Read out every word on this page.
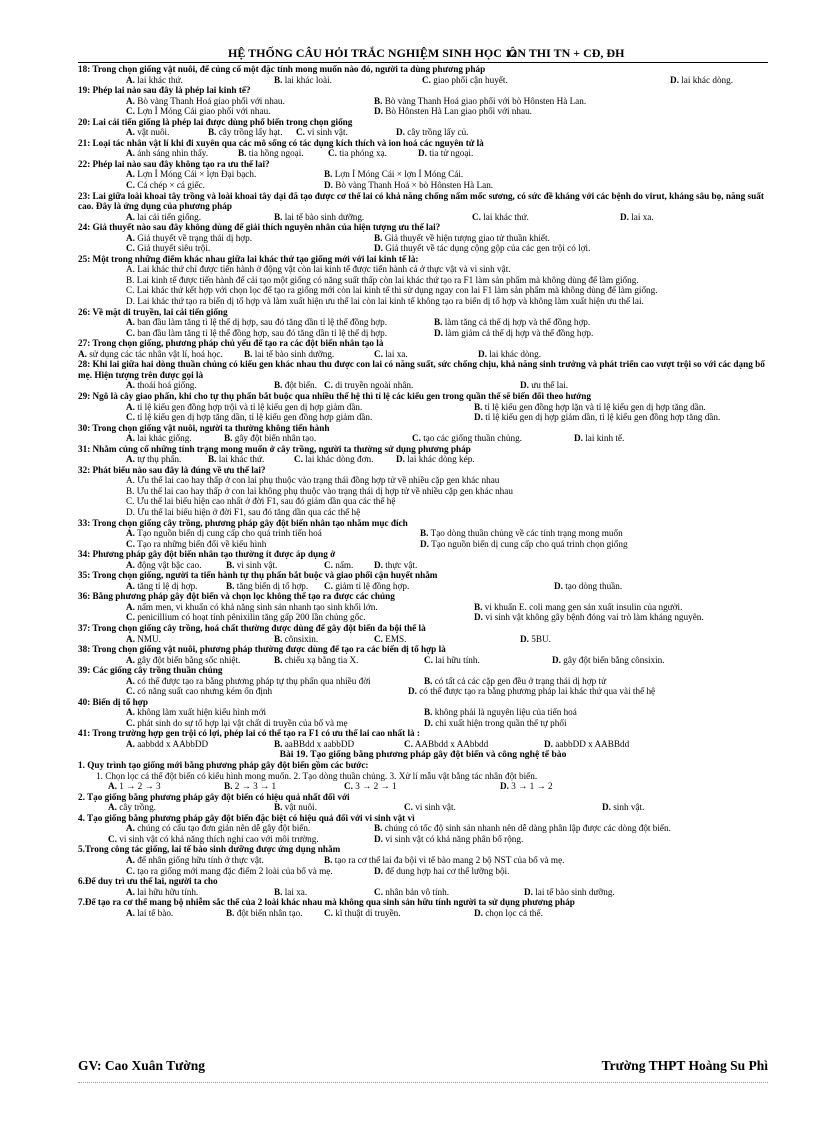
HỆ THỐNG CÂU HỎI TRẮC NGHIỆM SINH HỌC 12
ÔN THI TN + CĐ, ĐH
18: Trong chọn giống vật nuôi, để củng cố một đặc tính mong muốn nào đó, người ta dùng phương pháp
A. lai khác thứ.	B. lai khác loài.	C. giao phối cận huyết.	D. lai khác dòng.
19: Phép lai nào sau đây là phép lai kinh tế?
A. Bò vàng Thanh Hoá giao phối với nhau.	B. Bò vàng Thanh Hoá giao phối với bò Hônsten Hà Lan.
C. Lợn Ỉ Móng Cái giao phối với nhau.	D. Bò Hônsten Hà Lan giao phối với nhau.
20: Lai cải tiến giống là phép lai được dùng phổ biến trong chọn giống
A. vật nuôi.	B. cây trồng lấy hạt. C. vi sinh vật.	D. cây trồng lấy củ.
21: Loại tác nhân vật lí khi đi xuyên qua các mô sống có tác dụng kích thích và ion hoá các nguyên tử là
A. ánh sáng nhìn thấy.	B. tia hồng ngoại.	C. tia phóng xạ.	D. tia tử ngoại.
22: Phép lai nào sau đây không tạo ra ưu thế lai?
A. Lợn Ỉ Móng Cái × lợn Đại bạch.	B. Lợn Ỉ Móng Cái × lợn Ỉ Móng Cái.
C. Cá chép × cá giếc.	D. Bò vàng Thanh Hoá × bò Hônsten Hà Lan.
23: Lai giữa loài khoai tây trồng và loài khoai tây dại đã tạo được cơ thể lai có khả năng chống nấm mốc sương, có sức đề kháng với các bệnh do virut, kháng sâu bọ, năng suất cao. Đây là ứng dụng của phương pháp
A. lai cải tiến giống.	B. lai tế bào sinh dưỡng.	C. lai khác thứ.	D. lai xa.
24: Giả thuyết nào sau đây không dùng để giải thích nguyên nhân của hiện tượng ưu thế lai?
A. Giả thuyết về trạng thái dị hợp.	B. Giả thuyết về hiện tượng giao tử thuần khiết.
C. Giả thuyết siêu trội.	D. Giả thuyết về tác dụng cộng gộp của các gen trội có lợi.
25: Một trong những điểm khác nhau giữa lai khác thứ tạo giống mới với lai kinh tế là:
A. Lai khác thứ chỉ được tiến hành ở động vật còn lai kinh tế được tiến hành cả ở thực vật và vi sinh vật.
B. Lai kinh tế được tiến hành để cải tạo một giống có năng suất thấp còn lai khác thứ tạo ra F1 làm sản phẩm mà không dùng để làm giống.
C. Lai khác thứ kết hợp với chọn lọc để tạo ra giống mới còn lai kinh tế thì sử dụng ngay con lai F1 làm sản phẩm mà không dùng để làm giống.
D. Lai khác thứ tạo ra biến dị tổ hợp và làm xuất hiện ưu thế lai còn lai kinh tế không tạo ra biến dị tổ hợp và không làm xuất hiện ưu thế lai.
26: Về mặt di truyền, lai cải tiến giống
A. ban đầu làm tăng tỉ lệ thể dị hợp, sau đó tăng dần tỉ lệ thể đồng hợp.	B. làm tăng cả thể dị hợp và thể đồng hợp.
C. ban đầu làm tăng tỉ lệ thể đồng hợp, sau đó tăng dần tỉ lệ thể dị hợp.	D. làm giảm cả thể dị hợp và thể đồng hợp.
27: Trong chọn giống, phương pháp chủ yếu để tạo ra các đột biến nhân tạo là
A. sử dụng các tác nhân vật lí, hoá học. B. lai tế bào sinh dưỡng.	C. lai xa.	D. lai khác dòng.
28: Khi lai giữa hai dòng thuần chủng có kiểu gen khác nhau thu được con lai có năng suất, sức chống chịu, khả năng sinh trưởng và phát triển cao vượt trội so với các dạng bố mẹ. Hiện tượng trên được gọi là
A. thoái hoá giống.	B. đột biến. C. di truyền ngoài nhân.	D. ưu thế lai.
29: Ngô là cây giao phấn, khi cho tự thụ phấn bắt buộc qua nhiều thế hệ thì tỉ lệ các kiểu gen trong quần thể sẽ biến đổi theo hướng
A. tỉ lệ kiểu gen đồng hợp trội và tỉ lệ kiểu gen dị hợp giảm dần.	B. tỉ lệ kiểu gen đồng hợp lặn và tỉ lệ kiểu gen dị hợp tăng dần.
C. tỉ lệ kiểu gen dị hợp tăng dần, tỉ lệ kiểu gen đồng hợp giảm dần.	D. tỉ lệ kiểu gen dị hợp giảm dần, tỉ lệ kiểu gen đồng hợp tăng dần.
30: Trong chọn giống vật nuôi, người ta thường không tiến hành
A. lai khác giống.	B. gây đột biến nhân tạo.	C. tạo các giống thuần chủng.	D. lai kinh tế.
31: Nhằm củng cố những tính trạng mong muốn ở cây trồng, người ta thường sử dụng phương pháp
A. tự thụ phấn.	B. lai khác thứ.	C. lai khác dòng đơn. D. lai khác dòng kép.
32: Phát biểu nào sau đây là đúng về ưu thế lai?
A. Ưu thế lai cao hay thấp ở con lai phụ thuộc vào trạng thái đồng hợp tử về nhiều cặp gen khác nhau
B. Ưu thế lai cao hay thấp ở con lai không phụ thuộc vào trạng thái dị hợp tử về nhiều cặp gen khác nhau
C. Ưu thế lai biểu hiện cao nhất ở đời F1, sau đó giảm dần qua các thế hệ
D. Ưu thế lai biểu hiện ở đời F1, sau đó tăng dần qua các thế hệ
33: Trong chọn giống cây trồng, phương pháp gây đột biến nhân tạo nhằm mục đích
A. Tạo nguồn biến dị cung cấp cho quá trình tiến hoá	B. Tạo dòng thuần chủng về các tính trạng mong muốn
C. Tạo ra những biến đổi về kiểu hình	D. Tạo nguồn biến dị cung cấp cho quá trình chọn giống
34: Phương pháp gây đột biến nhân tạo thường ít được áp dụng ở
A. động vật bậc cao.	B. vi sinh vật.	C. nấm. D. thực vật.
35: Trong chọn giống, người ta tiến hành tự thụ phấn bắt buộc và giao phối cận huyết nhằm
A. tăng tỉ lệ dị hợp.	B. tăng biến dị tổ hợp. C. giảm tỉ lệ đồng hợp.	D. tạo dòng thuần.
36: Bằng phương pháp gây đột biến và chọn lọc không thể tạo ra được các chủng
A. nấm men, vi khuẩn có khả năng sinh sản nhanh tạo sinh khối lớn.	B. vi khuẩn E. coli mang gen sản xuất insulin của người.
C. penicillium có hoạt tính pênixilin tăng gấp 200 lần chủng gốc.	D. vi sinh vật không gây bệnh đóng vai trò làm kháng nguyên.
37: Trong chọn giống cây trồng, hoá chất thường được dùng để gây đột biến đa bội thể là
A. NMU.	B. cônsixin.	C. EMS.	D. 5BU.
38: Trong chọn giống vật nuôi, phương pháp thường được dùng để tạo ra các biến dị tổ hợp là
A. gây đột biến bằng sốc nhiệt.	B. chiếu xạ bằng tia X.	C. lai hữu tính.	D. gây đột biến bằng cônsixin.
39: Các giống cây trồng thuần chủng
A. có thể được tạo ra bằng phương pháp tự thụ phấn qua nhiều đời	B. có tất cả các cặp gen đều ở trạng thái dị hợp tử
C. có năng suất cao nhưng kém ổn định	D. có thể được tạo ra bằng phương pháp lai khác thứ qua vài thế hệ
40: Biến dị tổ hợp
A. không làm xuất hiện kiểu hình mới	B. không phải là nguyên liệu của tiến hoá
C. phát sinh do sự tổ hợp lại vật chất di truyền của bố và mẹ	D. chỉ xuất hiện trong quần thể tự phối
41: Trong trường hợp gen trội có lợi, phép lai có thể tạo ra F1 có ưu thế lai cao nhất là :
A. aabbdd x AAbbDD	B. aaBBdd x aabbDD	C. AABbdd x AAbbdd	D. aabbDD x AABBdd
Bài 19. Tạo giống bằng phương pháp gây đột biến và công nghệ tế bào
1. Quy trình tạo giống mới bằng phương pháp gây đột biến gồm các bước:
1. Chọn lọc cá thể đột biến có kiểu hình mong muốn. 2. Tạo dòng thuần chủng. 3. Xử lí mẫu vật bằng tác nhân đột biến.
A. 1 → 2 → 3	B. 2 → 3 → 1	C. 3 → 2 → 1	D. 3 → 1 → 2
2. Tạo giống bằng phương pháp gây đột biến có hiệu quả nhất đối với
A. cây trồng.	B. vật nuôi.	C. vi sinh vật.	D. sinh vật.
4. Tạo giống bằng phương pháp gây đột biến đặc biệt có hiệu quả đối với vi sinh vật vì
A. chúng có cấu tạo đơn giản nên dễ gây đột biến.	B. chúng có tốc độ sinh sản nhanh nên dễ dàng phân lập được các dòng đột biến.
C. vi sinh vật có khả năng thích nghi cao với môi trường.	D. vi sinh vật có khả năng phân bố rộng.
5.Trong công tác giống, lai tế bào sinh dưỡng được ứng dụng nhằm
A. để nhân giống hữu tính ở thực vật.	B. tạo ra cơ thể lai đa bội vì tế bào mang 2 bộ NST của bố và mẹ.
C. tạo ra giống mới mang đặc điểm 2 loài của bố và mẹ.	D. để dung hợp hai cơ thể lưỡng bội.
6.Để duy trì ưu thế lai, người ta cho
A. lai hữu hữu tính.	B. lai xa.	C. nhân bản vô tính.	D. lai tế bào sinh dưỡng.
7.Để tạo ra cơ thể mang bộ nhiễm sắc thể của 2 loài khác nhau mà không qua sinh sản hữu tính người ta sử dụng phương pháp
A. lai tế bào.	B. đột biến nhân tạo. C. kĩ thuật di truyền.	D. chọn lọc cá thể.
GV: Cao Xuân Tường	Trường THPT Hoàng Su Phì
